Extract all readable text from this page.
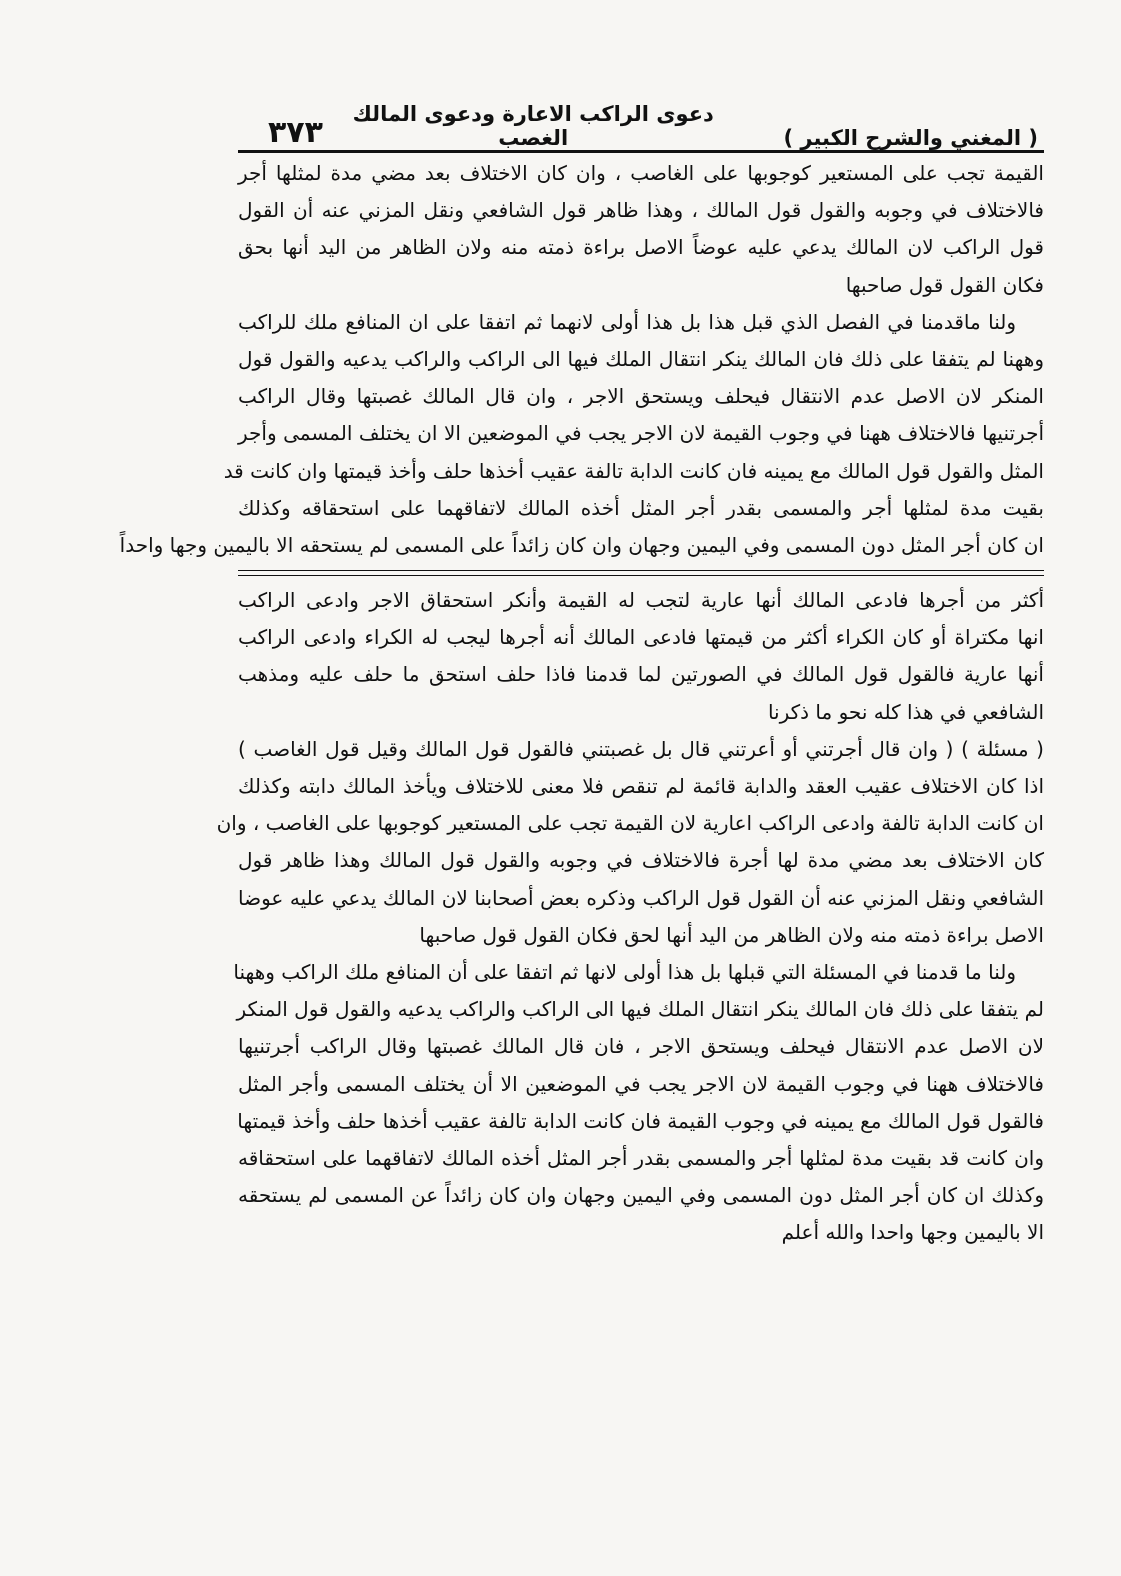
( المغني والشرح الكبير )
دعوى الراكب الاعارة ودعوى المالك الغصب
٣٧٣
القيمة تجب على المستعير كوجوبها على الغاصب ، وان كان الاختلاف بعد مضي مدة لمثلها أجر
فالاختلاف في وجوبه والقول قول المالك ، وهذا ظاهر قول الشافعي ونقل المزني عنه أن القول
قول الراكب لان المالك يدعي عليه عوضاً الاصل براءة ذمته منه ولان الظاهر من اليد أنها بحق
فكان القول قول صاحبها
ولنا ماقدمنا في الفصل الذي قبل هذا بل هذا أولى لانهما ثم اتفقا على ان المنافع ملك للراكب
وههنا لم يتفقا على ذلك فان المالك ينكر انتقال الملك فيها الى الراكب والراكب يدعيه والقول قول
المنكر لان الاصل عدم الانتقال فيحلف ويستحق الاجر ، وان قال المالك غصبتها وقال الراكب
أجرتنيها فالاختلاف ههنا في وجوب القيمة لان الاجر يجب في الموضعين الا ان يختلف المسمى وأجر
المثل والقول قول المالك مع يمينه فان كانت الدابة تالفة عقيب أخذها حلف وأخذ قيمتها وان كانت قد
بقيت مدة لمثلها أجر والمسمى بقدر أجر المثل أخذه المالك لاتفاقهما على استحقاقه وكذلك
ان كان أجر المثل دون المسمى وفي اليمين وجهان وان كان زائداً على المسمى لم يستحقه الا باليمين وجها واحداً
أكثر من أجرها فادعى المالك أنها عارية لتجب له القيمة وأنكر استحقاق الاجر وادعى الراكب
انها مكتراة أو كان الكراء أكثر من قيمتها فادعى المالك أنه أجرها ليجب له الكراء وادعى الراكب
أنها عارية فالقول قول المالك في الصورتين لما قدمنا فاذا حلف استحق ما حلف عليه ومذهب
الشافعي في هذا كله نحو ما ذكرنا
( مسئلة ) ( وان قال أجرتني أو أعرتني قال بل غصبتني فالقول قول المالك وقيل قول الغاصب )
اذا كان الاختلاف عقيب العقد والدابة قائمة لم تنقص فلا معنى للاختلاف ويأخذ المالك دابته وكذلك
ان كانت الدابة تالفة وادعى الراكب اعارية لان القيمة تجب على المستعير كوجوبها على الغاصب ، وان
كان الاختلاف بعد مضي مدة لها أجرة فالاختلاف في وجوبه والقول قول المالك وهذا ظاهر قول
الشافعي ونقل المزني عنه أن القول قول الراكب وذكره بعض أصحابنا لان المالك يدعي عليه عوضا
الاصل براءة ذمته منه ولان الظاهر من اليد أنها لحق فكان القول قول صاحبها
ولنا ما قدمنا في المسئلة التي قبلها بل هذا أولى لانها ثم اتفقا على أن المنافع ملك الراكب وههنا
لم يتفقا على ذلك فان المالك ينكر انتقال الملك فيها الى الراكب والراكب يدعيه والقول قول المنكر
لان الاصل عدم الانتقال فيحلف ويستحق الاجر ، فان قال المالك غصبتها وقال الراكب أجرتنيها
فالاختلاف ههنا في وجوب القيمة لان الاجر يجب في الموضعين الا أن يختلف المسمى وأجر المثل
فالقول قول المالك مع يمينه في وجوب القيمة فان كانت الدابة تالفة عقيب أخذها حلف وأخذ قيمتها
وان كانت قد بقيت مدة لمثلها أجر والمسمى بقدر أجر المثل أخذه المالك لاتفاقهما على استحقاقه
وكذلك ان كان أجر المثل دون المسمى وفي اليمين وجهان وان كان زائداً عن المسمى لم يستحقه
الا باليمين وجها واحدا والله أعلم
